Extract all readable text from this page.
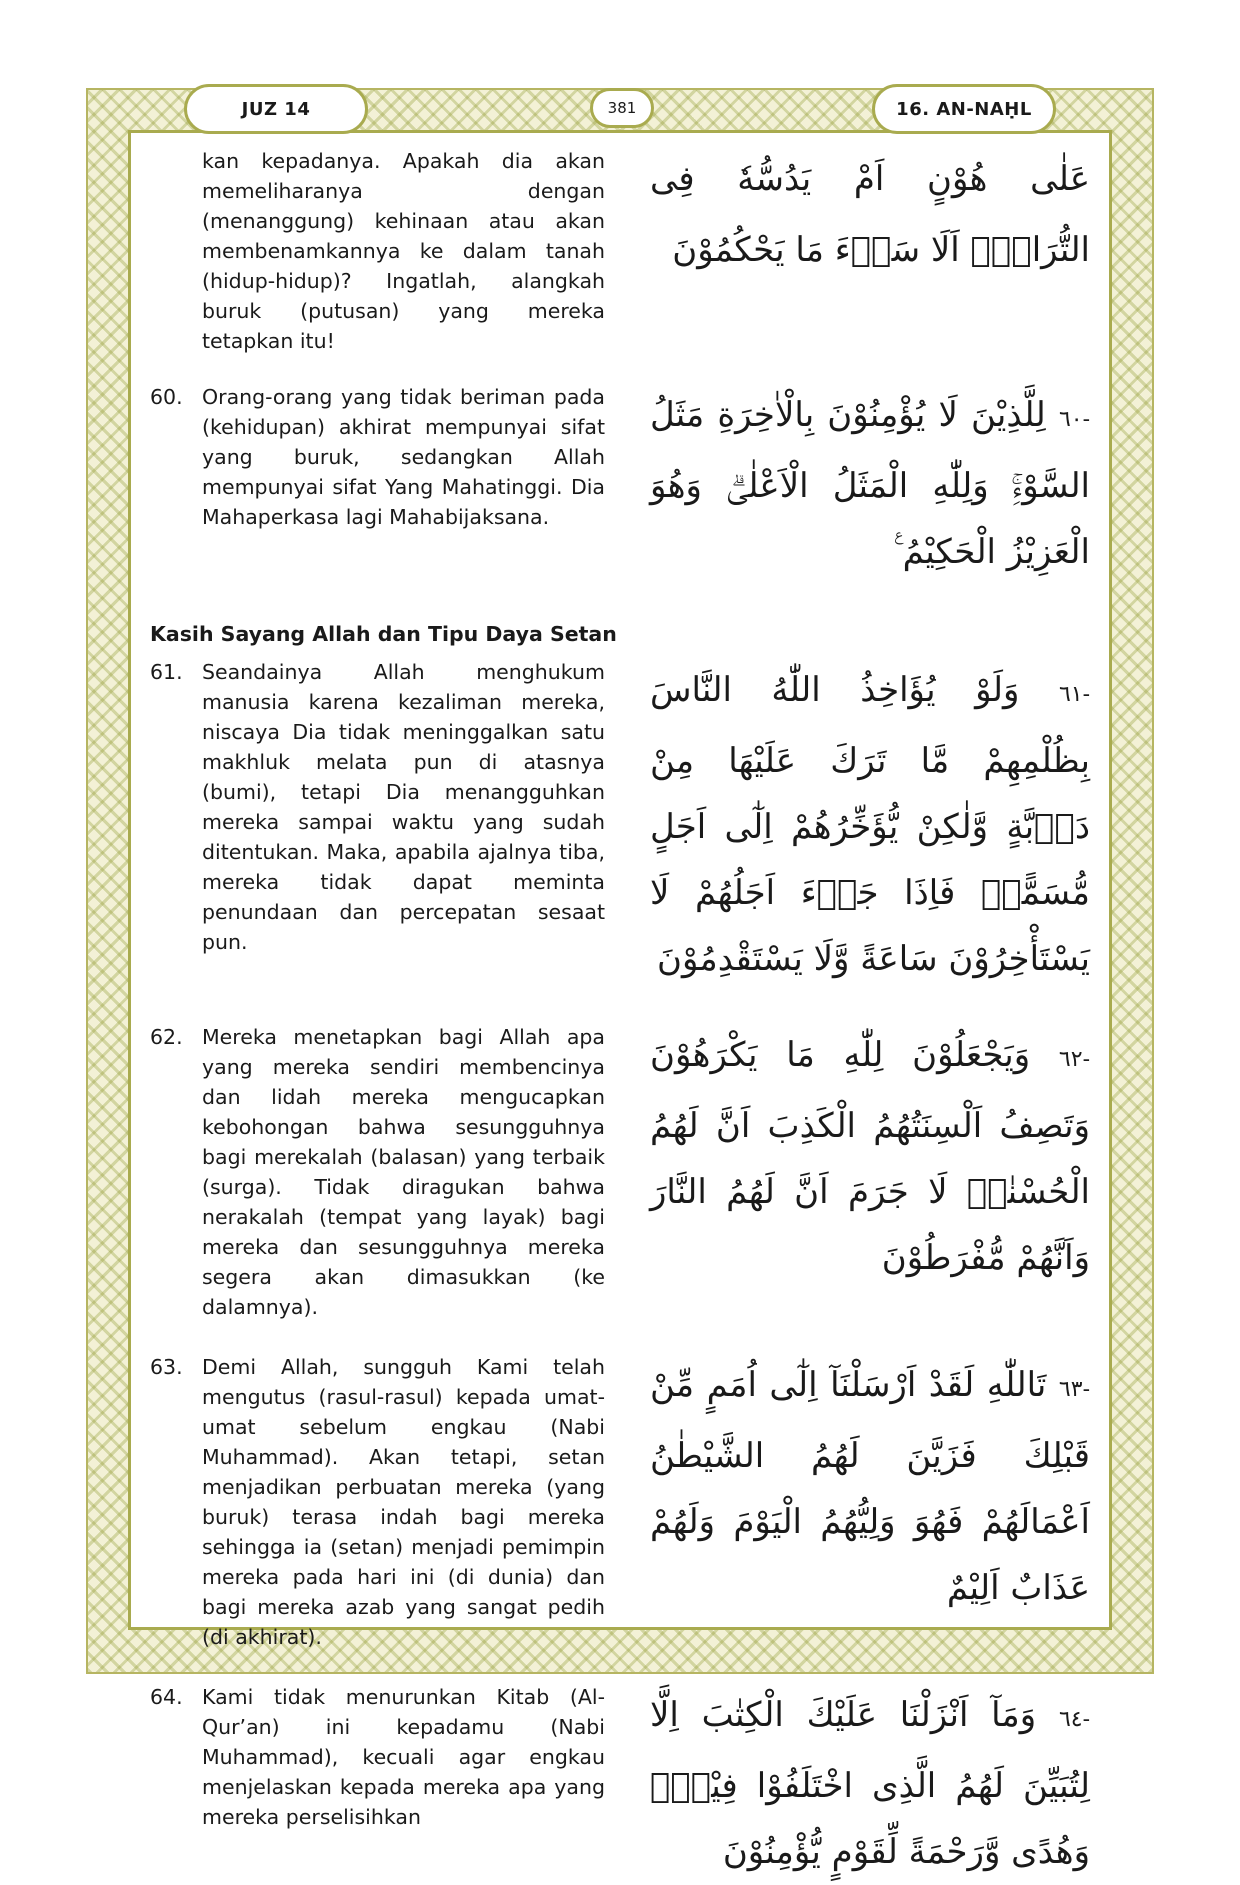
JUZ 14	381	16. AN-NAḤL
kan kepadanya. Apakah dia akan memeliharanya dengan (menanggung) kehinaan atau akan membenamkannya ke dalam tanah (hidup-hidup)? Ingatlah, alangkah buruk (putusan) yang mereka tetapkan itu!
عَلٰى هُوْنٍ اَمْ يَدُسُّهٗ فِى التُّرَابِۗ اَلَا سَاۤءَ مَا يَحْكُمُوْنَ
60. Orang-orang yang tidak beriman pada (kehidupan) akhirat mempunyai sifat yang buruk, sedangkan Allah mempunyai sifat Yang Mahatinggi. Dia Mahaperkasa lagi Mahabijaksana.
-٦٠ لِلَّذِيْنَ لَا يُؤْمِنُوْنَ بِالْاٰخِرَةِ مَثَلُ السَّوْءِۚ وَلِلّٰهِ الْمَثَلُ الْاَعْلٰىۗ وَهُوَ الْعَزِيْزُ الْحَكِيْمُ ࣖ
Kasih Sayang Allah dan Tipu Daya Setan
61. Seandainya Allah menghukum manusia karena kezaliman mereka, niscaya Dia tidak meninggalkan satu makhluk melata pun di atasnya (bumi), tetapi Dia menangguhkan mereka sampai waktu yang sudah ditentukan. Maka, apabila ajalnya tiba, mereka tidak dapat meminta penundaan dan percepatan sesaat pun.
-٦١ وَلَوْ يُؤَاخِذُ اللّٰهُ النَّاسَ بِظُلْمِهِمْ مَّا تَرَكَ عَلَيْهَا مِنْ دَاۤبَّةٍ وَّلٰكِنْ يُّؤَخِّرُهُمْ اِلٰٓى اَجَلٍ مُّسَمًّىۚ فَاِذَا جَاۤءَ اَجَلُهُمْ لَا يَسْتَأْخِرُوْنَ سَاعَةً وَّلَا يَسْتَقْدِمُوْنَ
62. Mereka menetapkan bagi Allah apa yang mereka sendiri membencinya dan lidah mereka mengucapkan kebohongan bahwa sesungguhnya bagi merekalah (balasan) yang terbaik (surga). Tidak diragukan bahwa nerakalah (tempat yang layak) bagi mereka dan sesungguhnya mereka segera akan dimasukkan (ke dalamnya).
-٦٢ وَيَجْعَلُوْنَ لِلّٰهِ مَا يَكْرَهُوْنَ وَتَصِفُ اَلْسِنَتُهُمُ الْكَذِبَ اَنَّ لَهُمُ الْحُسْنٰىۗ لَا جَرَمَ اَنَّ لَهُمُ النَّارَ وَاَنَّهُمْ مُّفْرَطُوْنَ
63. Demi Allah, sungguh Kami telah mengutus (rasul-rasul) kepada umat-umat sebelum engkau (Nabi Muhammad). Akan tetapi, setan menjadikan perbuatan mereka (yang buruk) terasa indah bagi mereka sehingga ia (setan) menjadi pemimpin mereka pada hari ini (di dunia) dan bagi mereka azab yang sangat pedih (di akhirat).
-٦٣ تَاللّٰهِ لَقَدْ اَرْسَلْنَآ اِلٰٓى اُمَمٍ مِّنْ قَبْلِكَ فَزَيَّنَ لَهُمُ الشَّيْطٰنُ اَعْمَالَهُمْ فَهُوَ وَلِيُّهُمُ الْيَوْمَ وَلَهُمْ عَذَابٌ اَلِيْمٌ
64. Kami tidak menurunkan Kitab (Al-Qur’an) ini kepadamu (Nabi Muhammad), kecuali agar engkau menjelaskan kepada mereka apa yang mereka perselisihkan
-٦٤ وَمَآ اَنْزَلْنَا عَلَيْكَ الْكِتٰبَ اِلَّا لِتُبَيِّنَ لَهُمُ الَّذِى اخْتَلَفُوْا فِيْهِۙ وَهُدًى وَّرَحْمَةً لِّقَوْمٍ يُّؤْمِنُوْنَ
